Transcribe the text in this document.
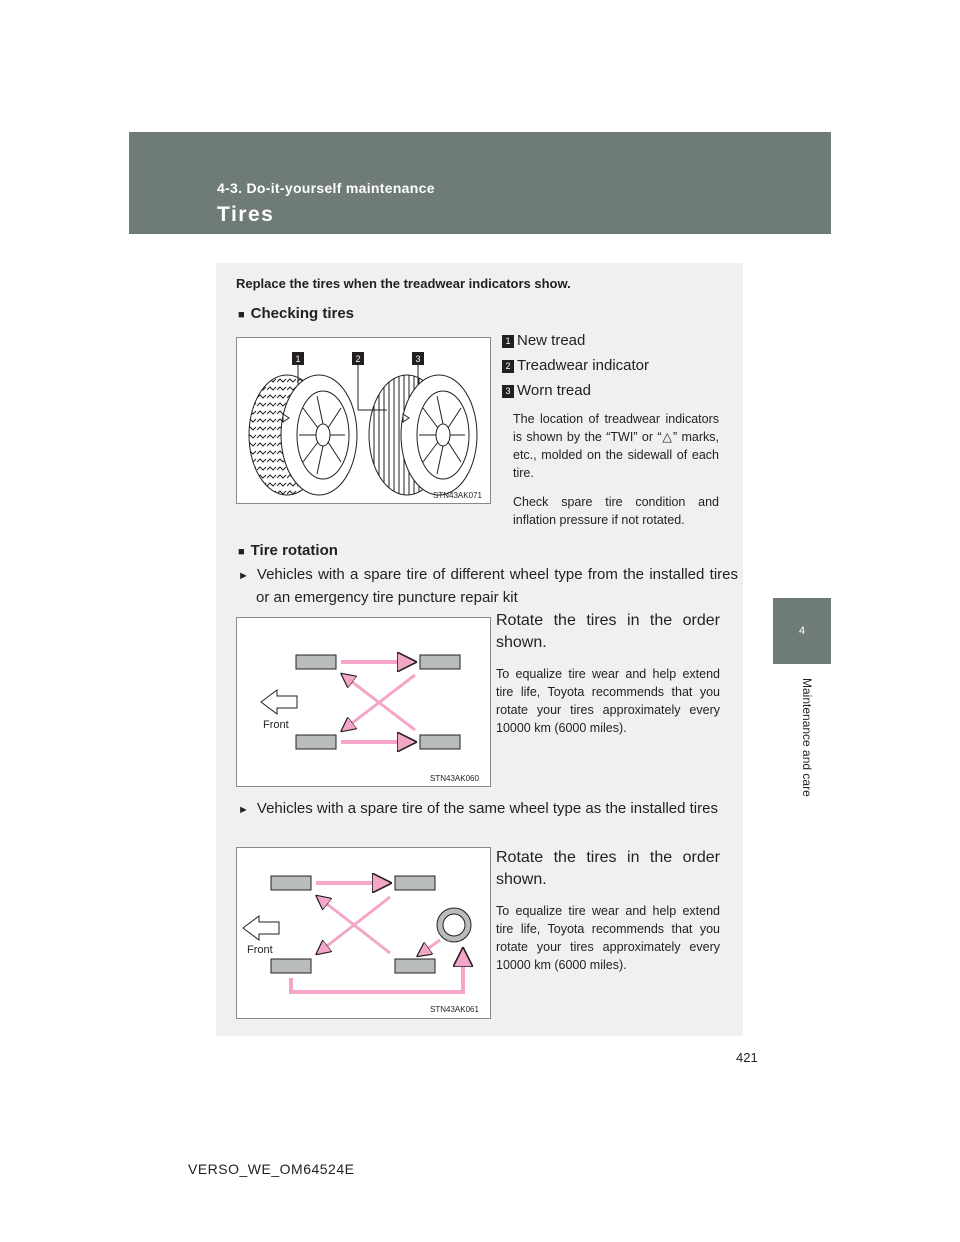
4-3. Do-it-yourself maintenance

Tires
4
Maintenance and care

Replace the tires when the treadwear indicators show.

■ Checking tires

1	2	3
STN43AK071

1 New tread

2 Treadwear indicator

3 Worn tread

The location of treadwear indicators is shown by the “TWI” or “△” marks, etc., molded on the sidewall of each tire.

Check spare tire condition and inflation pressure if not rotated.

■ Tire rotation

► Vehicles with a spare tire of different wheel type from the installed tires or an emergency tire puncture repair kit

Front
STN43AK060

Rotate the tires in the order shown.

To equalize tire wear and help extend tire life, Toyota recommends that you rotate your tires approximately every 10000 km (6000 miles).

► Vehicles with a spare tire of the same wheel type as the installed tires

Front
STN43AK061

Rotate the tires in the order shown.

To equalize tire wear and help extend tire life, Toyota recommends that you rotate your tires approximately every 10000 km (6000 miles).

421

VERSO_WE_OM64524E
